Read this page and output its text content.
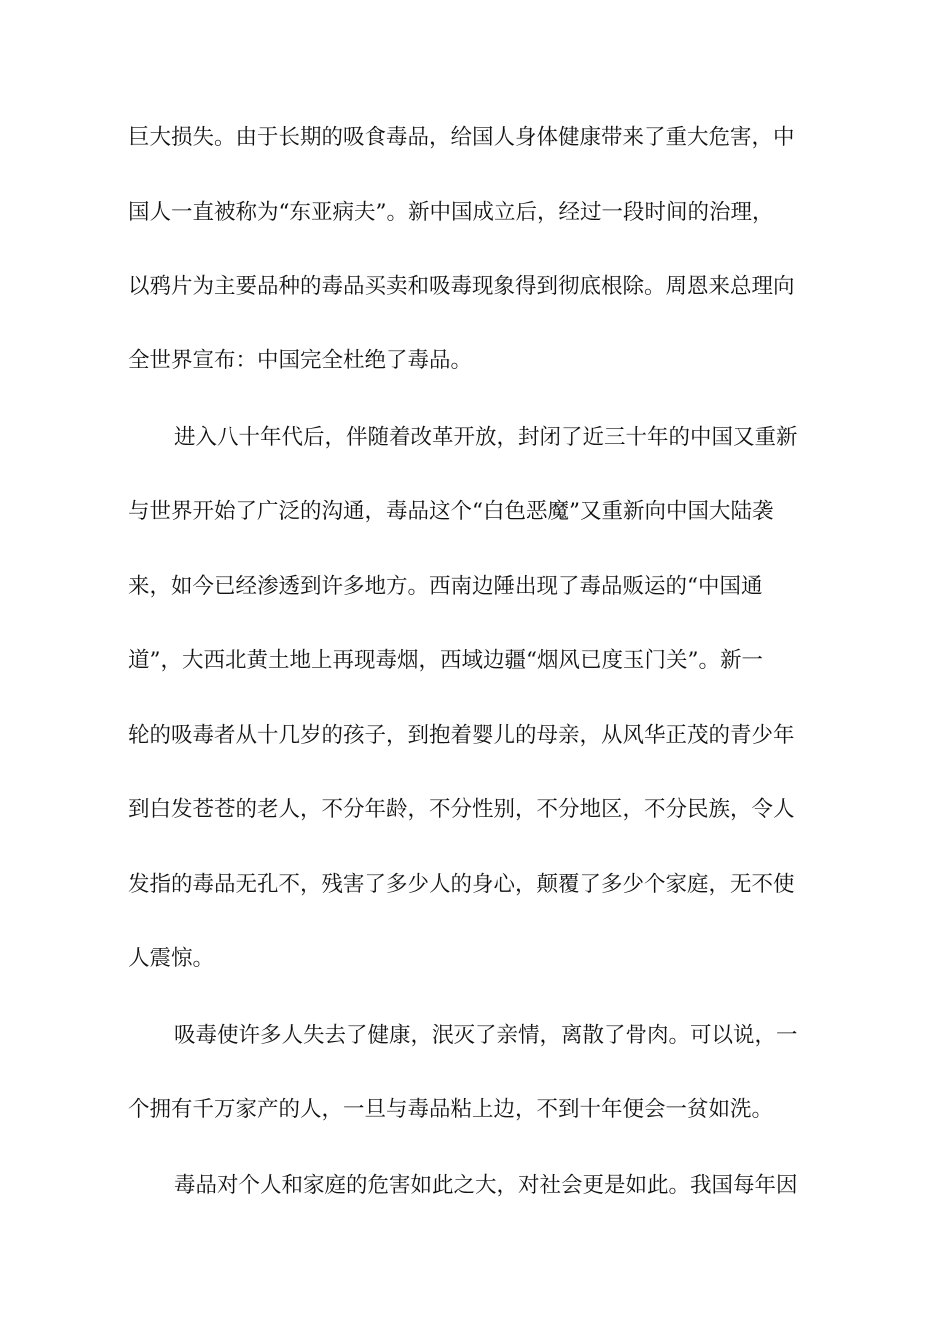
巨大损失。由于长期的吸食毒品，给国人身体健康带来了重大危害，中
国人一直被称为“东亚病夫”。新中国成立后，经过一段时间的治理，
以鸦片为主要品种的毒品买卖和吸毒现象得到彻底根除。周恩来总理向
全世界宣布：中国完全杜绝了毒品。
进入八十年代后，伴随着改革开放，封闭了近三十年的中国又重新
与世界开始了广泛的沟通，毒品这个“白色恶魔”又重新向中国大陆袭
来，如今已经渗透到许多地方。西南边陲出现了毒品贩运的“中国通
道”，大西北黄土地上再现毒烟，西域边疆“烟风已度玉门关”。新一
轮的吸毒者从十几岁的孩子，到抱着婴儿的母亲，从风华正茂的青少年
到白发苍苍的老人，不分年龄，不分性别，不分地区，不分民族，令人
发指的毒品无孔不，残害了多少人的身心，颠覆了多少个家庭，无不使
人震惊。
吸毒使许多人失去了健康，泯灭了亲情，离散了骨肉。可以说，一
个拥有千万家产的人，一旦与毒品粘上边，不到十年便会一贫如洗。
毒品对个人和家庭的危害如此之大，对社会更是如此。我国每年因
